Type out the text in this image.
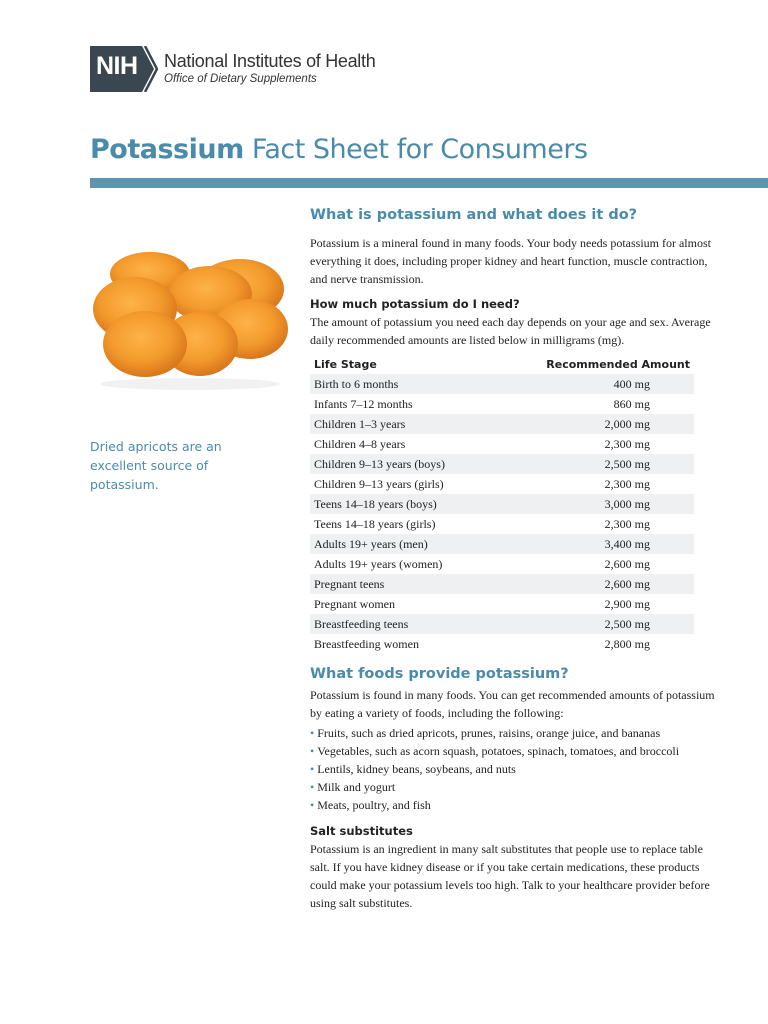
NIH National Institutes of Health
Office of Dietary Supplements
Potassium Fact Sheet for Consumers
Dried apricots are an excellent source of potassium.
What is potassium and what does it do?

Potassium is a mineral found in many foods. Your body needs potassium for almost everything it does, including proper kidney and heart function, muscle contraction, and nerve transmission.

How much potassium do I need?

The amount of potassium you need each day depends on your age and sex. Average daily recommended amounts are listed below in milligrams (mg).

Life Stage	Recommended Amount
Birth to 6 months	400 mg
Infants 7–12 months	860 mg
Children 1–3 years	2,000 mg
Children 4–8 years	2,300 mg
Children 9–13 years (boys)	2,500 mg
Children 9–13 years (girls)	2,300 mg
Teens 14–18 years (boys)	3,000 mg
Teens 14–18 years (girls)	2,300 mg
Adults 19+ years (men)	3,400 mg
Adults 19+ years (women)	2,600 mg
Pregnant teens	2,600 mg
Pregnant women	2,900 mg
Breastfeeding teens	2,500 mg
Breastfeeding women	2,800 mg
What foods provide potassium?

Potassium is found in many foods. You can get recommended amounts of potassium by eating a variety of foods, including the following:

• Fruits, such as dried apricots, prunes, raisins, orange juice, and bananas
• Vegetables, such as acorn squash, potatoes, spinach, tomatoes, and broccoli
• Lentils, kidney beans, soybeans, and nuts
• Milk and yogurt
• Meats, poultry, and fish
Salt substitutes

Potassium is an ingredient in many salt substitutes that people use to replace table salt. If you have kidney disease or if you take certain medications, these products could make your potassium levels too high. Talk to your healthcare provider before using salt substitutes.
